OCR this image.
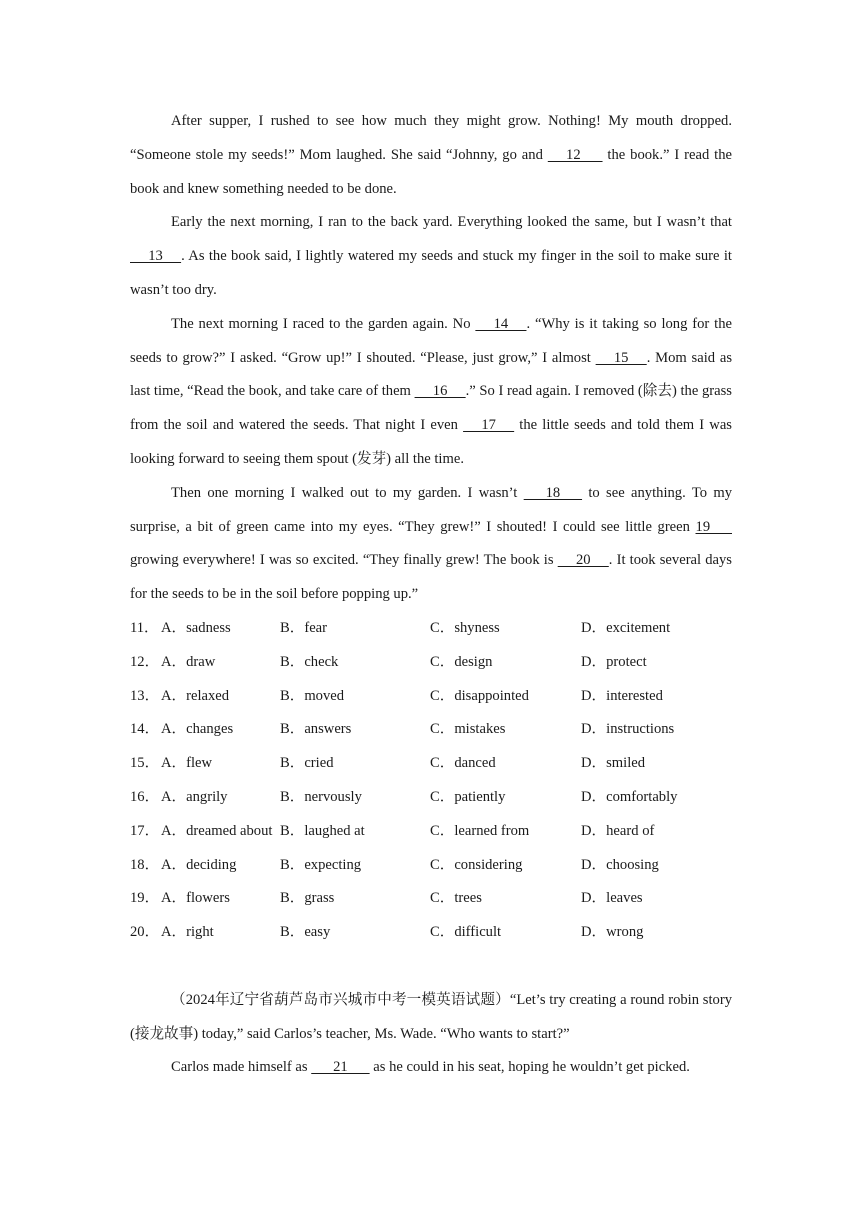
After supper, I rushed to see how much they might grow. Nothing! My mouth dropped. “Someone stole my seeds!” Mom laughed. She said “Johnny, go and      12       the book.” I read the book and knew something needed to be done.

Early the next morning, I ran to the back yard. Everything looked the same, but I wasn’t that      13     . As the book said, I lightly watered my seeds and stuck my finger in the soil to make sure it wasn’t too dry.

The next morning I raced to the garden again. No      14     . “Why is it taking so long for the seeds to grow?” I asked. “Grow up!” I shouted. “Please, just grow,” I almost      15     . Mom said as last time, “Read the book, and take care of them      16     .” So I read again. I removed (除去) the grass from the soil and watered the seeds. That night I even      17      the little seeds and told them I was looking forward to seeing them spout (发芽) all the time.

Then one morning I walked out to my garden. I wasn’t       18       to see anything. To my surprise, a bit of green came into my eyes. “They grew!” I shouted! I could see little green 19       growing everywhere! I was so excited. “They finally grew! The book is      20     . It took several days for the seeds to be in the soil before popping up.”

11． A．sadness	B．fear	C．shyness	D．excitement
12． A．draw	B．check	C．design	D．protect
13． A．relaxed	B．moved	C．disappointed	D．interested
14． A．changes	B．answers	C．mistakes	D．instructions
15． A．flew	B．cried	C．danced	D．smiled
16． A．angrily	B．nervously	C．patiently	D．comfortably
17． A．dreamed about B．laughed at	C．learned from	D．heard of
18． A．deciding	B．expecting	C．considering	D．choosing
19． A．flowers	B．grass	C．trees	D．leaves
20． A．right	B．easy	C．difficult	D．wrong

（2024年辽宁省葫芦岛市兴城市中考一模英语试题）“Let’s try creating a round robin story (接龙故事) today,” said Carlos’s teacher, Ms. Wade. “Who wants to start?”

Carlos made himself as       21       as he could in his seat, hoping he wouldn’t get picked.
